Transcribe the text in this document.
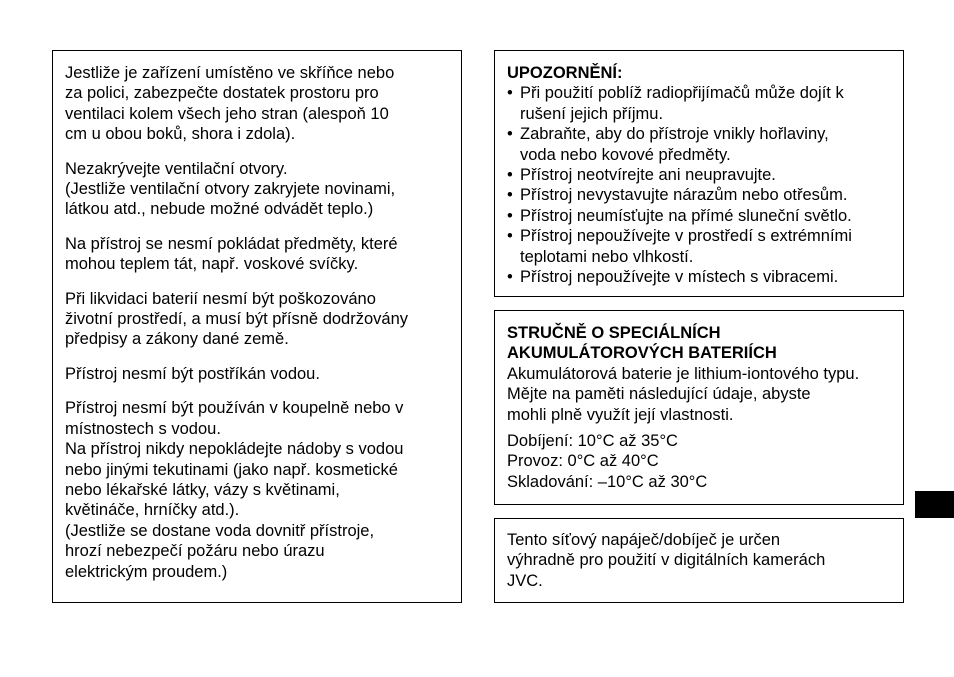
Jestliže je zařízení umístěno ve skříňce nebo
za polici, zabezpečte dostatek prostoru pro
ventilaci kolem všech jeho stran (alespoň 10
cm u obou boků, shora i zdola).

Nezakrývejte ventilační otvory.
(Jestliže ventilační otvory zakryjete novinami,
látkou atd., nebude možné odvádět teplo.)

Na přístroj se nesmí pokládat předměty, které
mohou teplem tát, např. voskové svíčky.

Při likvidaci baterií nesmí být poškozováno
životní prostředí, a musí být přísně dodržovány
předpisy a zákony dané země.

Přístroj nesmí být postříkán vodou.

Přístroj nesmí být používán v koupelně nebo v
místnostech s vodou.
Na přístroj nikdy nepokládejte nádoby s vodou
nebo jinými tekutinami (jako např. kosmetické
nebo lékařské látky, vázy s květinami,
květináče, hrníčky atd.).
(Jestliže se dostane voda dovnitř přístroje,
hrozí nebezpečí požáru nebo úrazu
elektrickým proudem.)

UPOZORNĚNÍ:

• Při použití poblíž radiopřijímačů může dojít k
rušení jejich příjmu.
• Zabraňte, aby do přístroje vnikly hořlaviny,
voda nebo kovové předměty.
• Přístroj neotvírejte ani neupravujte.
• Přístroj nevystavujte nárazům nebo otřesům.
• Přístroj neumísťujte na přímé sluneční světlo.
• Přístroj nepoužívejte v prostředí s extrémními
teplotami nebo vlhkostí.
• Přístroj nepoužívejte v místech s vibracemi.

STRUČNĚ O SPECIÁLNÍCH
AKUMULÁTOROVÝCH BATERIÍCH

Akumulátorová baterie je lithium-iontového typu.

Mějte na paměti následující údaje, abyste
mohli plně využít její vlastnosti.

Dobíjení: 10°C až 35°C
Provoz: 0°C až 40°C
Skladování: –10°C až 30°C

Tento síťový napáječ/dobíječ je určen
výhradně pro použití v digitálních kamerách
JVC.
